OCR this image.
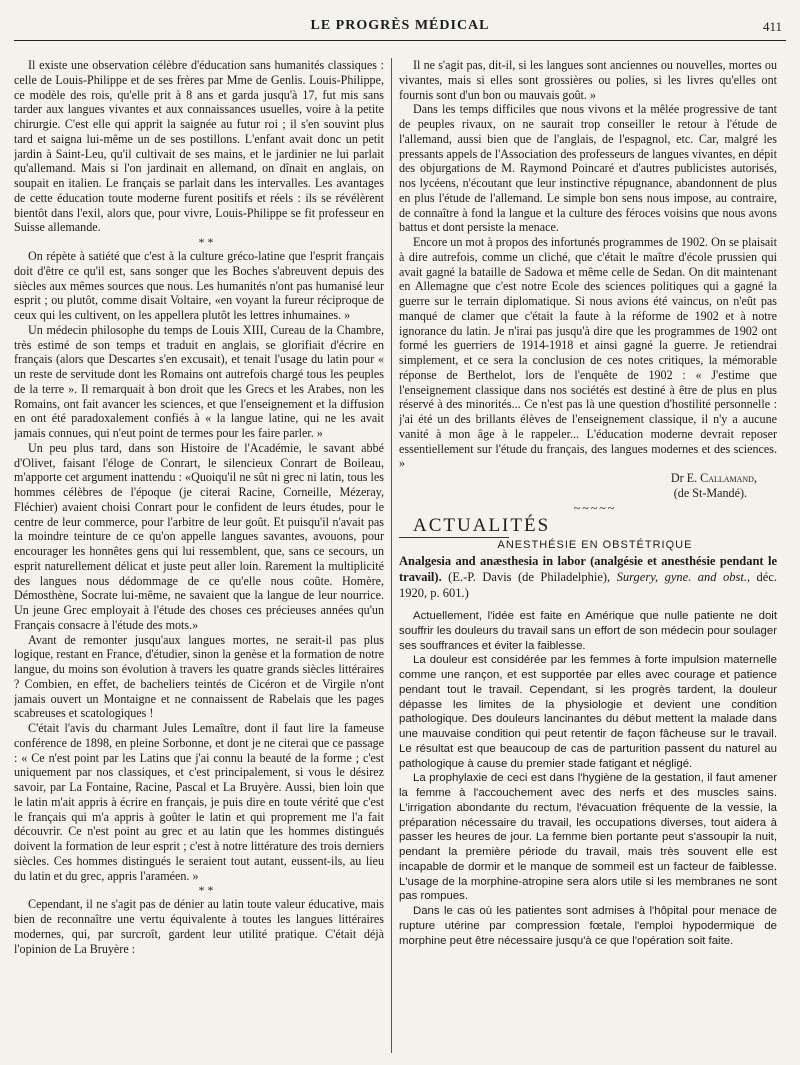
LE PROGRÈS MÉDICAL	411

Il existe une observation célèbre d'éducation sans humanités classiques : celle de Louis-Philippe et de ses frères par Mme de Genlis. Louis-Philippe, ce modèle des rois, qu'elle prit à 8 ans et garda jusqu'à 17, fut mis sans tarder aux langues vivantes et aux connaissances usuelles, voire à la petite chirurgie. C'est elle qui apprit la saignée au futur roi ; il s'en souvint plus tard et saigna lui-même un de ses postillons. L'enfant avait donc un petit jardin à Saint-Leu, qu'il cultivait de ses mains, et le jardinier ne lui parlait qu'allemand. Mais si l'on jardinait en allemand, on dînait en anglais, on soupait en italien. Le français se parlait dans les intervalles. Les avantages de cette éducation toute moderne furent positifs et réels : ils se révélèrent bientôt dans l'exil, alors que, pour vivre, Louis-Philippe se fit professeur en Suisse allemande.

* *

On répète à satiété que c'est à la culture gréco-latine que l'esprit français doit d'être ce qu'il est, sans songer que les Boches s'abreuvent depuis des siècles aux mêmes sources que nous. Les humanités n'ont pas humanisé leur esprit ; ou plutôt, comme disait Voltaire, «en voyant la fureur réciproque de ceux qui les cultivent, on les appellera plutôt les lettres inhumaines. »

Un médecin philosophe du temps de Louis XIII, Cureau de la Chambre, très estimé de son temps et traduit en anglais, se glorifiait d'écrire en français (alors que Descartes s'en excusait), et tenait l'usage du latin pour « un reste de servitude dont les Romains ont autrefois chargé tous les peuples de la terre ». Il remarquait à bon droit que les Grecs et les Arabes, non les Romains, ont fait avancer les sciences, et que l'enseignement et la diffusion en ont été paradoxalement confiés à « la langue latine, qui ne les avait jamais connues, qui n'eut point de termes pour les faire parler. »

Un peu plus tard, dans son Histoire de l'Académie, le savant abbé d'Olivet, faisant l'éloge de Conrart, le silencieux Conrart de Boileau, m'apporte cet argument inattendu : «Quoiqu'il ne sût ni grec ni latin, tous les hommes célèbres de l'époque (je citerai Racine, Corneille, Mézeray, Fléchier) avaient choisi Conrart pour le confident de leurs études, pour le centre de leur commerce, pour l'arbitre de leur goût. Et puisqu'il n'avait pas la moindre teinture de ce qu'on appelle langues savantes, avouons, pour encourager les honnêtes gens qui lui ressemblent, que, sans ce secours, un esprit naturellement délicat et juste peut aller loin. Rarement la multiplicité des langues nous dédommage de ce qu'elle nous coûte. Homère, Démosthène, Socrate lui-même, ne savaient que la langue de leur nourrice. Un jeune Grec employait à l'étude des choses ces précieuses années qu'un Français consacre à l'étude des mots.»

Avant de remonter jusqu'aux langues mortes, ne serait-il pas plus logique, restant en France, d'étudier, sinon la genèse et la formation de notre langue, du moins son évolution à travers les quatre grands siècles littéraires ? Combien, en effet, de bacheliers teintés de Cicéron et de Virgile n'ont jamais ouvert un Montaigne et ne connaissent de Rabelais que les pages scabreuses et scatologiques !

C'était l'avis du charmant Jules Lemaître, dont il faut lire la fameuse conférence de 1898, en pleine Sorbonne, et dont je ne citerai que ce passage : « Ce n'est point par les Latins que j'ai connu la beauté de la forme ; c'est uniquement par nos classiques, et c'est principalement, si vous le désirez savoir, par La Fontaine, Racine, Pascal et La Bruyère. Aussi, bien loin que le latin m'ait appris à écrire en français, je puis dire en toute vérité que c'est le français qui m'a appris à goûter le latin et qui proprement me l'a fait découvrir. Ce n'est point au grec et au latin que les hommes distingués doivent la formation de leur esprit ; c'est à notre littérature des trois derniers siècles. Ces hommes distingués le seraient tout autant, eussent-ils, au lieu du latin et du grec, appris l'araméen. »

* *

Cependant, il ne s'agit pas de dénier au latin toute valeur éducative, mais bien de reconnaître une vertu équivalente à toutes les langues littéraires modernes, qui, par surcroît, gardent leur utilité pratique. C'était déjà l'opinion de La Bruyère :

Il ne s'agit pas, dit-il, si les langues sont anciennes ou nouvelles, mortes ou vivantes, mais si elles sont grossières ou polies, si les livres qu'elles ont fournis sont d'un bon ou mauvais goût. »

Dans les temps difficiles que nous vivons et la mêlée progressive de tant de peuples rivaux, on ne saurait trop conseiller le retour à l'étude de l'allemand, aussi bien que de l'anglais, de l'espagnol, etc. Car, malgré les pressants appels de l'Association des professeurs de langues vivantes, en dépit des objurgations de M. Raymond Poincaré et d'autres publicistes autorisés, nos lycéens, n'écoutant que leur instinctive répugnance, abandonnent de plus en plus l'étude de l'allemand. Le simple bon sens nous impose, au contraire, de connaître à fond la langue et la culture des féroces voisins que nous avons battus et dont persiste la menace.

Encore un mot à propos des infortunés programmes de 1902. On se plaisait à dire autrefois, comme un cliché, que c'était le maître d'école prussien qui avait gagné la bataille de Sadowa et même celle de Sedan. On dit maintenant en Allemagne que c'est notre Ecole des sciences politiques qui a gagné la guerre sur le terrain diplomatique. Si nous avions été vaincus, on n'eût pas manqué de clamer que c'était la faute à la réforme de 1902 et à notre ignorance du latin. Je n'irai pas jusqu'à dire que les programmes de 1902 ont formé les guerriers de 1914-1918 et ainsi gagné la guerre. Je retiendrai simplement, et ce sera la conclusion de ces notes critiques, la mémorable réponse de Berthelot, lors de l'enquête de 1902 : « J'estime que l'enseignement classique dans nos sociétés est destiné à être de plus en plus réservé à des minorités... Ce n'est pas là une question d'hostilité personnelle : j'ai été un des brillants élèves de l'enseignement classique, il n'y a aucune vanité à mon âge à le rappeler... L'éducation moderne devrait reposer essentiellement sur l'étude du français, des langues modernes et des sciences. »

Dr E. Callamand,

(de St-Mandé).

~~~~~

ACTUALITÉS

ANESTHÉSIE EN OBSTÉTRIQUE

Analgesia and anæsthesia in labor (analgésie et anesthésie pendant le travail). (E.-P. Davis (de Philadelphie), Surgery, gyne. and obst., déc. 1920, p. 601.)

Actuellement, l'idée est faite en Amérique que nulle patiente ne doit souffrir les douleurs du travail sans un effort de son médecin pour soulager ses souffrances et éviter la faiblesse.

La douleur est considérée par les femmes à forte impulsion maternelle comme une rançon, et est supportée par elles avec courage et patience pendant tout le travail. Cependant, si les progrès tardent, la douleur dépasse les limites de la physiologie et devient une condition pathologique. Des douleurs lancinantes du début mettent la malade dans une mauvaise condition qui peut retentir de façon fâcheuse sur le travail. Le résultat est que beaucoup de cas de parturition passent du naturel au pathologique à cause du premier stade fatigant et négligé.

La prophylaxie de ceci est dans l'hygiène de la gestation, il faut amener la femme à l'accouchement avec des nerfs et des muscles sains. L'irrigation abondante du rectum, l'évacuation fréquente de la vessie, la préparation nécessaire du travail, les occupations diverses, tout aidera à passer les heures de jour. La femme bien portante peut s'assoupir la nuit, pendant la première période du travail, mais très souvent elle est incapable de dormir et le manque de sommeil est un facteur de faiblesse. L'usage de la morphine-atropine sera alors utile si les membranes ne sont pas rompues.

Dans le cas où les patientes sont admises à l'hôpital pour menace de rupture utérine par compression fœtale, l'emploi hypodermique de morphine peut être nécessaire jusqu'à ce que l'opération soit faite.
